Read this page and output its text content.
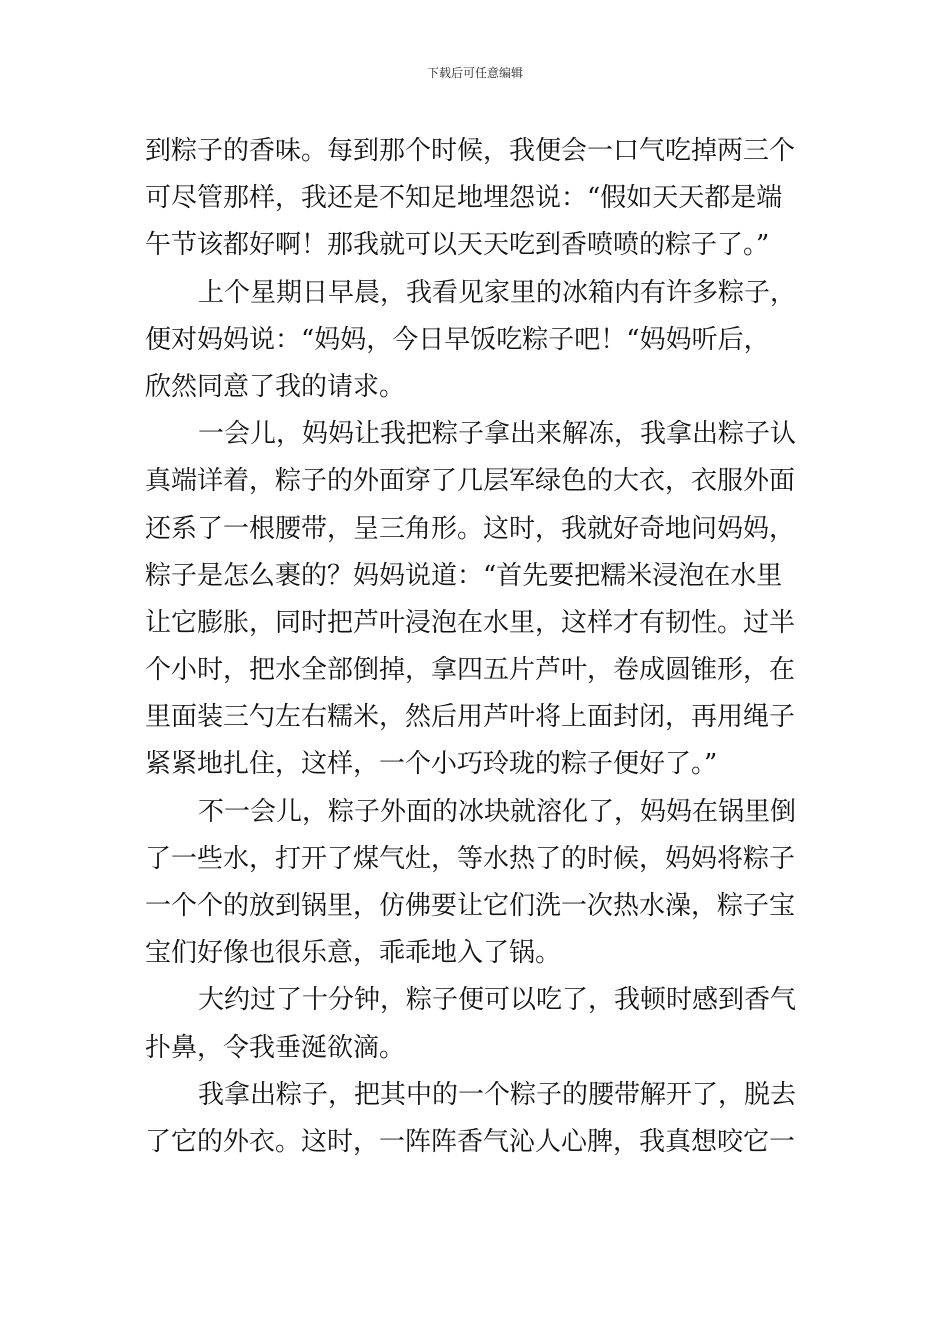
下载后可任意编辑
到粽子的香味。每到那个时候，我便会一口气吃掉两三个
可尽管那样，我还是不知足地埋怨说：“假如天天都是端
午节该都好啊！那我就可以天天吃到香喷喷的粽子了。”
上个星期日早晨，我看见家里的冰箱内有许多粽子，
便对妈妈说：“妈妈，今日早饭吃粽子吧！“妈妈听后，
欣然同意了我的请求。
一会儿，妈妈让我把粽子拿出来解冻，我拿出粽子认
真端详着，粽子的外面穿了几层军绿色的大衣，衣服外面
还系了一根腰带，呈三角形。这时，我就好奇地问妈妈，
粽子是怎么裹的？妈妈说道：“首先要把糯米浸泡在水里
让它膨胀，同时把芦叶浸泡在水里，这样才有韧性。过半
个小时，把水全部倒掉，拿四五片芦叶，卷成圆锥形，在
里面装三勺左右糯米，然后用芦叶将上面封闭，再用绳子
紧紧地扎住，这样，一个小巧玲珑的粽子便好了。”
不一会儿，粽子外面的冰块就溶化了，妈妈在锅里倒
了一些水，打开了煤气灶，等水热了的时候，妈妈将粽子
一个个的放到锅里，仿佛要让它们洗一次热水澡，粽子宝
宝们好像也很乐意，乖乖地入了锅。
大约过了十分钟，粽子便可以吃了，我顿时感到香气
扑鼻，令我垂涎欲滴。
我拿出粽子，把其中的一个粽子的腰带解开了，脱去
了它的外衣。这时，一阵阵香气沁人心脾，我真想咬它一
